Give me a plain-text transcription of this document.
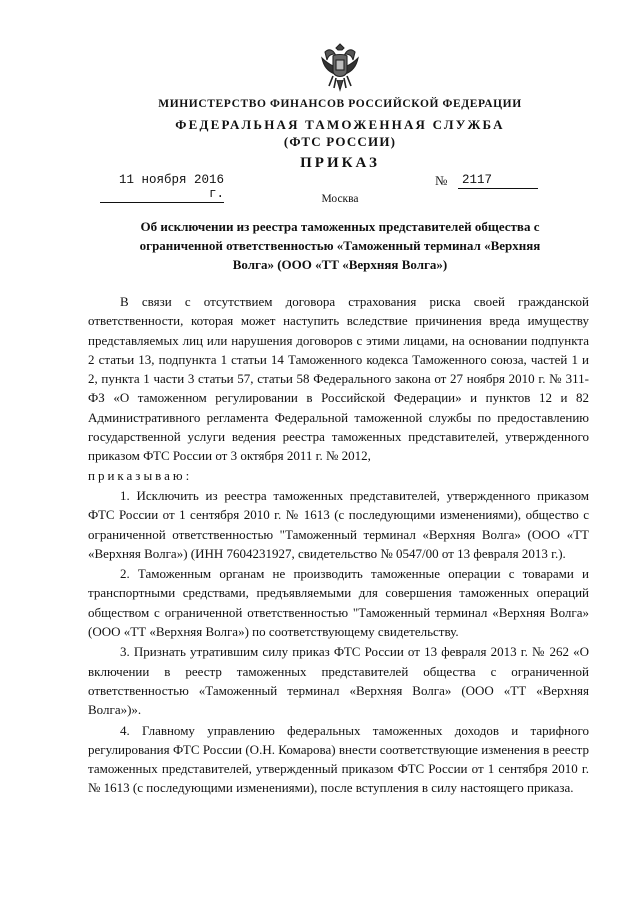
МИНИСТЕРСТВО ФИНАНСОВ РОССИЙСКОЙ ФЕДЕРАЦИИ
ФЕДЕРАЛЬНАЯ ТАМОЖЕННАЯ СЛУЖБА
(ФТС РОССИИ)
ПРИКАЗ
11 ноября 2016 г.
№	2117
Москва
Об исключении из реестра таможенных представителей общества с ограниченной ответственностью «Таможенный терминал «Верхняя Волга» (ООО «ТТ «Верхняя Волга»)

В связи с отсутствием договора страхования риска своей гражданской ответственности, которая может наступить вследствие причинения вреда имуществу представляемых лиц или нарушения договоров с этими лицами, на основании подпункта 2 статьи 13, подпункта 1 статьи 14 Таможенного кодекса Таможенного союза, частей 1 и 2, пункта 1 части 3 статьи 57, статьи 58 Федерального закона от 27 ноября 2010 г. № 311-ФЗ «О таможенном регулировании в Российской Федерации» и пунктов 12 и 82 Административного регламента Федеральной таможенной службы по предоставлению государственной услуги ведения реестра таможенных представителей, утвержденного приказом ФТС России от 3 октября 2011 г. № 2012,

приказываю:

1. Исключить из реестра таможенных представителей, утвержденного приказом ФТС России от 1 сентября 2010 г. № 1613 (с последующими изменениями), общество с ограниченной ответственностью "Таможенный терминал «Верхняя Волга» (ООО «ТТ «Верхняя Волга») (ИНН 7604231927, свидетельство № 0547/00 от 13 февраля 2013 г.).

2. Таможенным органам не производить таможенные операции с товарами и транспортными средствами, предъявляемыми для совершения таможенных операций обществом с ограниченной ответственностью "Таможенный терминал «Верхняя Волга» (ООО «ТТ «Верхняя Волга») по соответствующему свидетельству.

3. Признать утратившим силу приказ ФТС России от 13 февраля 2013 г. № 262 «О включении в реестр таможенных представителей общества с ограниченной ответственностью «Таможенный терминал «Верхняя Волга» (ООО «ТТ «Верхняя Волга»)».

4. Главному управлению федеральных таможенных доходов и тарифного регулирования ФТС России (О.Н. Комарова) внести соответствующие изменения в реестр таможенных представителей, утвержденный приказом ФТС России от 1 сентября 2010 г. № 1613 (с последующими изменениями), после вступления в силу настоящего приказа.
